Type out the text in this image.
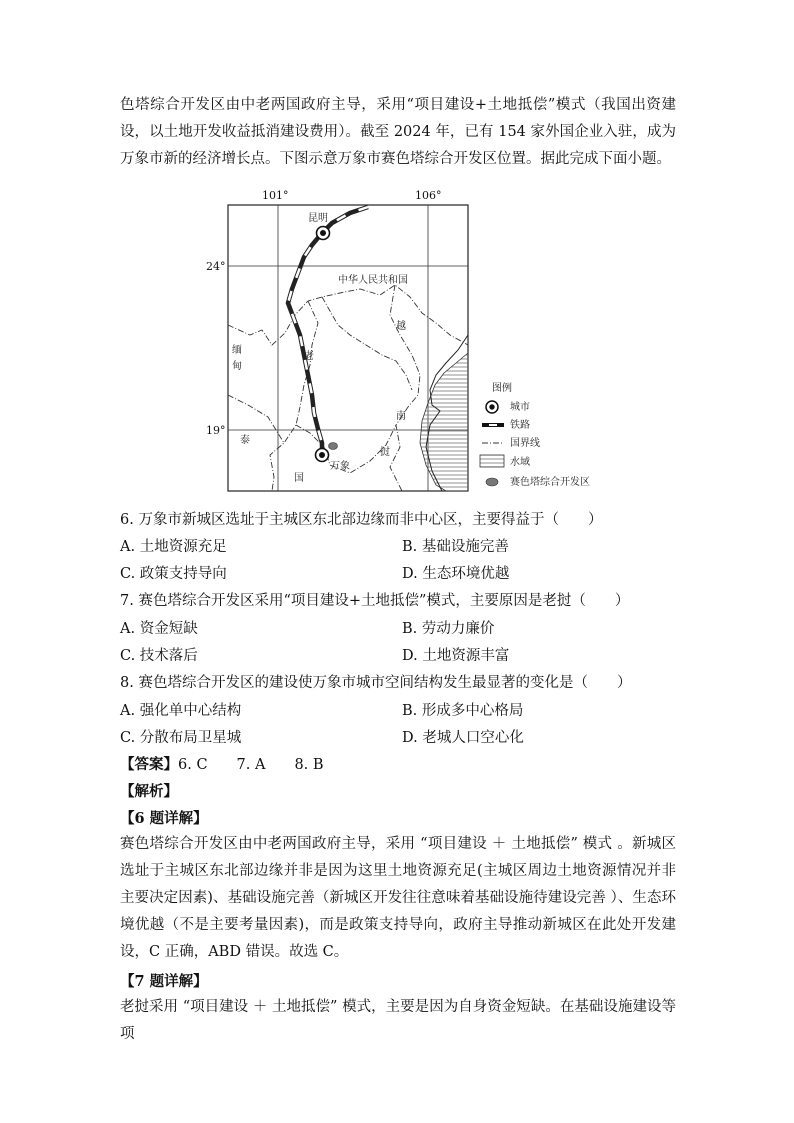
色塔综合开发区由中老两国政府主导，采用“项目建设+土地抵偿”模式（我国出资建设，以土地开发收益抵消建设费用）。截至 2024 年，已有 154 家外国企业入驻，成为万象市新的经济增长点。下图示意万象市赛色塔综合开发区位置。据此完成下面小题。
101°	106°
24°
19°
昆明
万象
中华人民共和国
越
南
老
挝
缅
甸
泰
国
图例
城市
铁路
国界线
水域
赛色塔综合开发区
6. 万象市新城区选址于主城区东北部边缘而非中心区，主要得益于（　　）
A. 土地资源充足	B. 基础设施完善
C. 政策支持导向	D. 生态环境优越
7. 赛色塔综合开发区采用“项目建设+土地抵偿”模式，主要原因是老挝（　　）
A. 资金短缺	B. 劳动力廉价
C. 技术落后	D. 土地资源丰富
8. 赛色塔综合开发区的建设使万象市城市空间结构发生最显著的变化是（　　）
A. 强化单中心结构	B. 形成多中心格局
C. 分散布局卫星城	D. 老城人口空心化
【答案】6. C　　7. A　　8. B
【解析】
【6 题详解】
赛色塔综合开发区由中老两国政府主导，采用 “项目建设 ＋ 土地抵偿” 模式 。新城区选址于主城区东北部边缘并非是因为这里土地资源充足(主城区周边土地资源情况并非主要决定因素)、基础设施完善（新城区开发往往意味着基础设施待建设完善 ）、生态环境优越（不是主要考量因素)，而是政策支持导向，政府主导推动新城区在此处开发建设，C 正确，ABD 错误。故选 C。
【7 题详解】
老挝采用 “项目建设 ＋ 土地抵偿” 模式，主要是因为自身资金短缺。在基础设施建设等项
